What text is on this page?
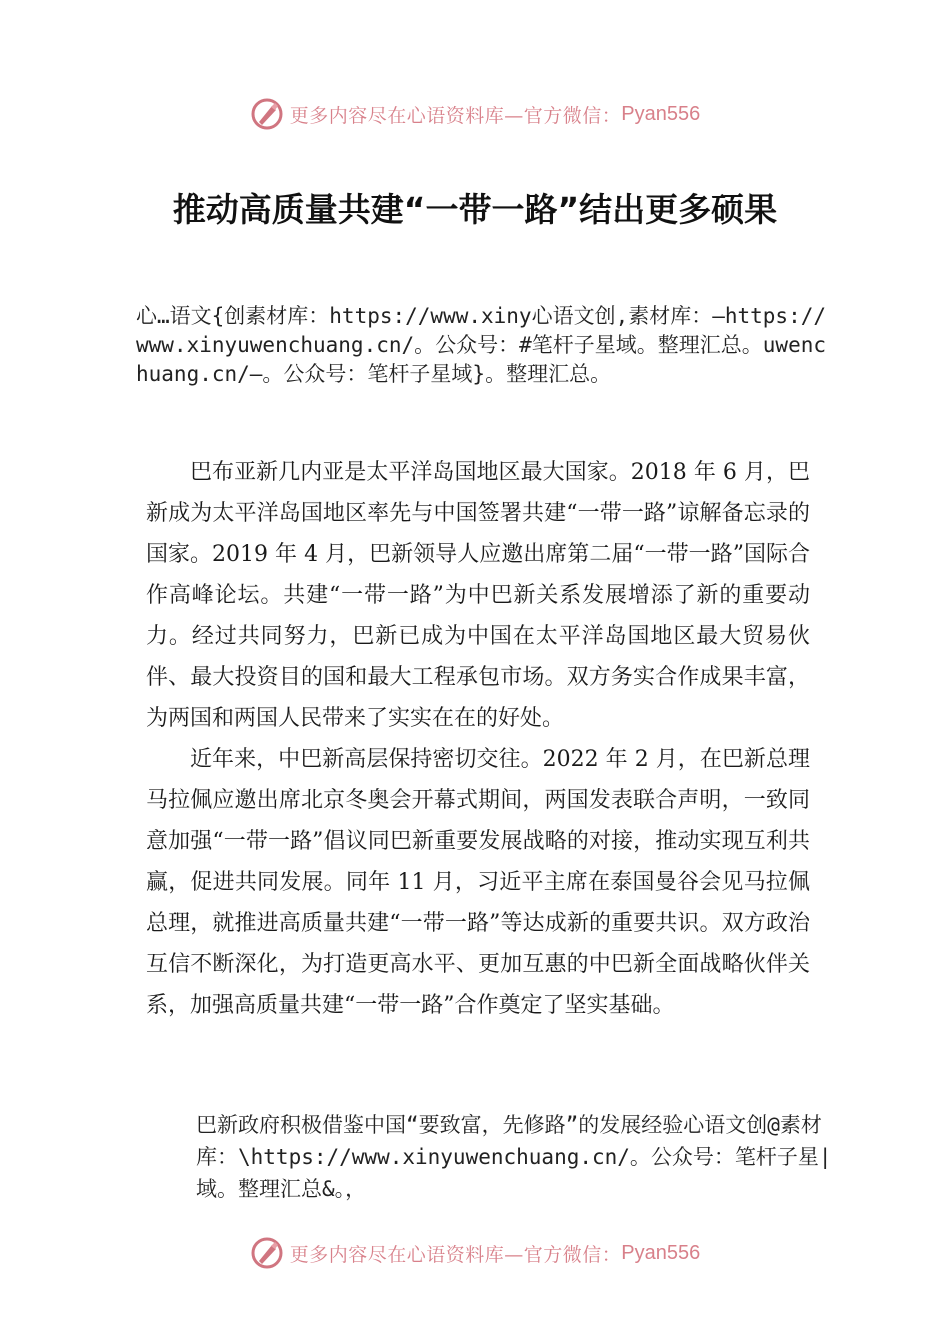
更多内容尽在心语资料库—官方微信： Pyan556
推动高质量共建“一带一路”结出更多硕果

心…语文{创素材库：https://www.xiny心语文创,素材库：—https://www.xinyuwenchuang.cn/。公众号：#笔杆子星域。整理汇总。uwenchuang.cn/—。公众号：笔杆子星域}。整理汇总。

巴布亚新几内亚是太平洋岛国地区最大国家。2018 年 6 月，巴新成为太平洋岛国地区率先与中国签署共建“一带一路”谅解备忘录的国家。2019 年 4 月，巴新领导人应邀出席第二届“一带一路”国际合作高峰论坛。共建“一带一路”为中巴新关系发展增添了新的重要动力。经过共同努力，巴新已成为中国在太平洋岛国地区最大贸易伙伴、最大投资目的国和最大工程承包市场。双方务实合作成果丰富，为两国和两国人民带来了实实在在的好处。

近年来，中巴新高层保持密切交往。2022 年 2 月，在巴新总理马拉佩应邀出席北京冬奥会开幕式期间，两国发表联合声明，一致同意加强“一带一路”倡议同巴新重要发展战略的对接，推动实现互利共赢，促进共同发展。同年 11 月，习近平主席在泰国曼谷会见马拉佩总理，就推进高质量共建“一带一路”等达成新的重要共识。双方政治互信不断深化，为打造更高水平、更加互惠的中巴新全面战略伙伴关系，加强高质量共建“一带一路”合作奠定了坚实基础。

巴新政府积极借鉴中国“要致富，先修路”的发展经验心语文创@素材库：\https://www.xinyuwenchuang.cn/。公众号：笔杆子星|域。整理汇总&。，

更多内容尽在心语资料库—官方微信： Pyan556
